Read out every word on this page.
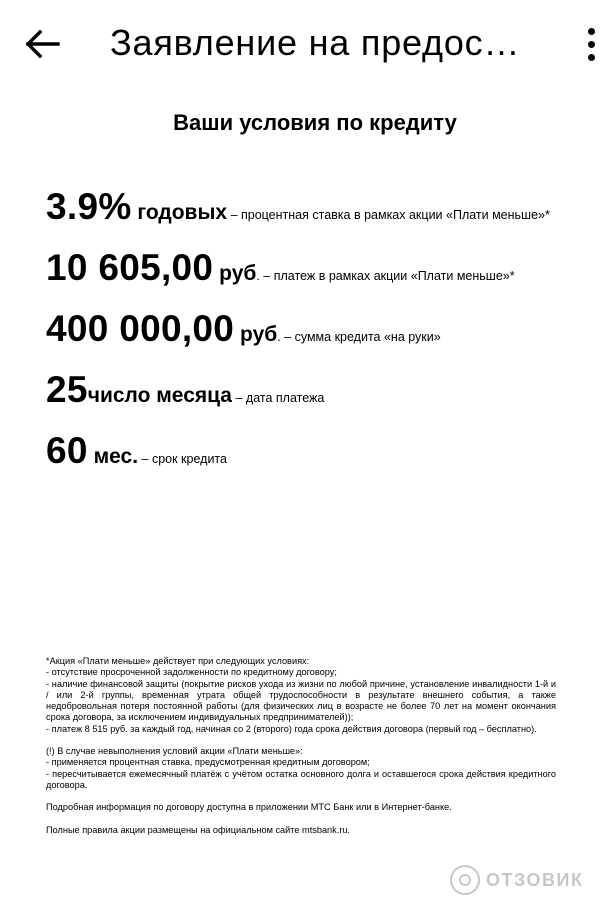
Заявление на предос…
Ваши условия по кредиту
3.9% годовых – процентная ставка в рамках акции «Плати меньше»*
10 605,00 руб. – платеж в рамках акции «Плати меньше»*
400 000,00 руб. – сумма кредита «на руки»
25число месяца – дата платежа
60 мес. – срок кредита

*Акция «Плати меньше» действует при следующих условиях:
- отсутствие просроченной задолженности по кредитному договору;
- наличие финансовой защиты (покрытие рисков ухода из жизни по любой причине, установление инвалидности 1-й и / или 2-й группы, временная утрата общей трудоспособности в результате внешнего события, а также недобровольная потеря постоянной работы (для физических лиц в возрасте не более 70 лет на момент окончания срока договора, за исключением индивидуальных предпринимателей));
- платеж 8 515 руб. за каждый год, начиная со 2 (второго) года срока действия договора (первый год – бесплатно).

(!) В случае невыполнения условий акции «Плати меньше»:
- применяется процентная ставка, предусмотренная кредитным договором;
- пересчитывается ежемесячный платёж с учётом остатка основного долга и оставшегося срока действия кредитного договора.

Подробная информация по договору доступна в приложении МТС Банк или в Интернет-банке.

Полные правила акции размещены на официальном сайте mtsbank.ru.

ОТЗОВИК
